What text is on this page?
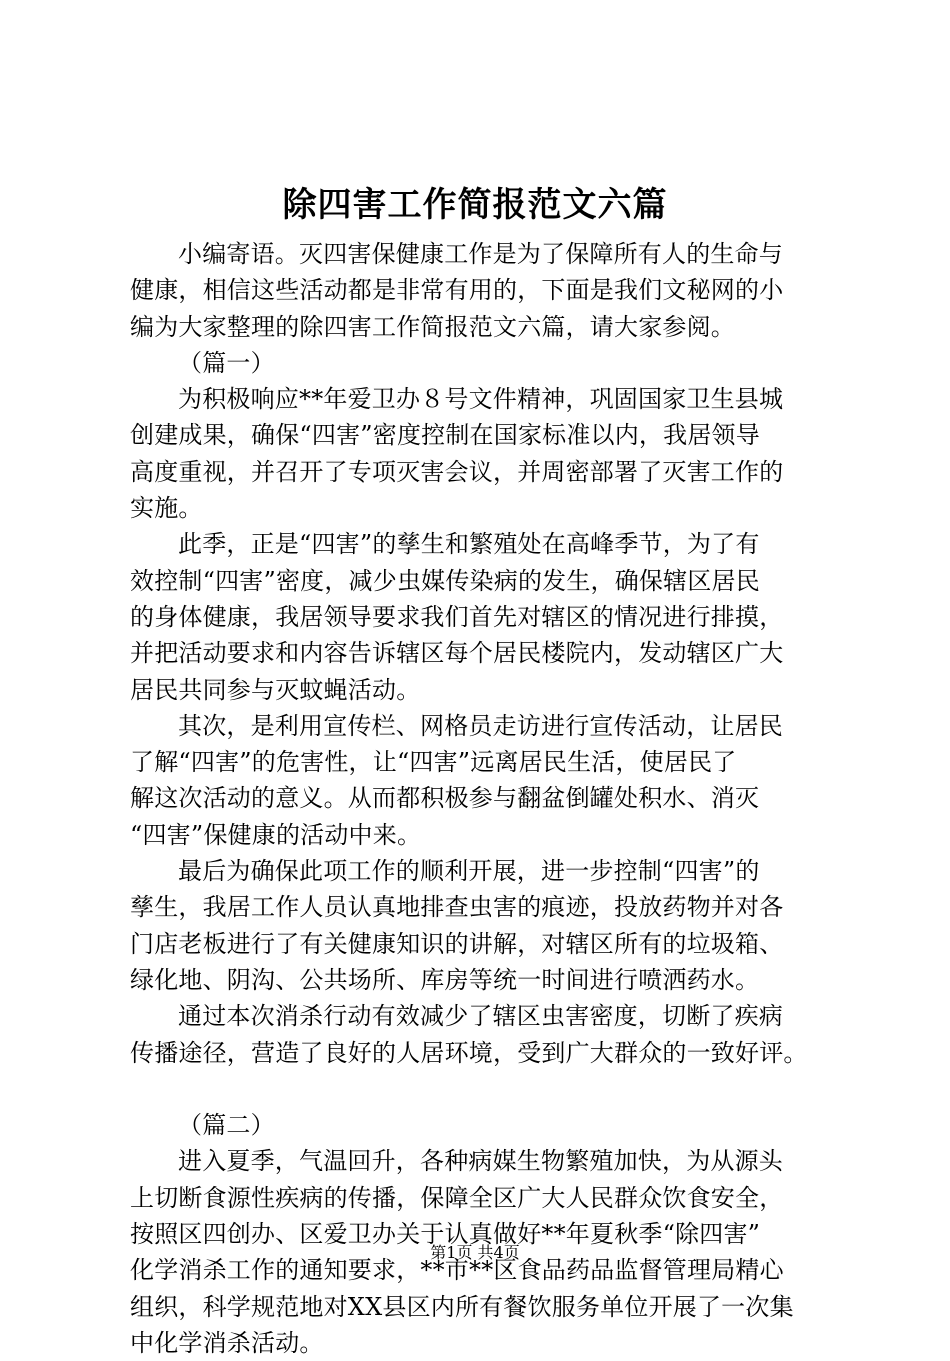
除四害工作简报范文六篇
小编寄语。灭四害保健康工作是为了保障所有人的生命与
健康，相信这些活动都是非常有用的，下面是我们文秘网的小
编为大家整理的除四害工作简报范文六篇，请大家参阅。
（篇一）
为积极响应**年爱卫办８号文件精神，巩固国家卫生县城
创建成果，确保“四害”密度控制在国家标准以内，我居领导
高度重视，并召开了专项灭害会议，并周密部署了灭害工作的
实施。
此季，正是“四害”的孳生和繁殖处在高峰季节，为了有
效控制“四害”密度，减少虫媒传染病的发生，确保辖区居民
的身体健康，我居领导要求我们首先对辖区的情况进行排摸，
并把活动要求和内容告诉辖区每个居民楼院内，发动辖区广大
居民共同参与灭蚊蝇活动。
其次，是利用宣传栏、网格员走访进行宣传活动，让居民
了解“四害”的危害性，让“四害”远离居民生活，使居民了
解这次活动的意义。从而都积极参与翻盆倒罐处积水、消灭
“四害”保健康的活动中来。
最后为确保此项工作的顺利开展，进一步控制“四害”的
孳生，我居工作人员认真地排查虫害的痕迹，投放药物并对各
门店老板进行了有关健康知识的讲解，对辖区所有的垃圾箱、
绿化地、阴沟、公共场所、库房等统一时间进行喷洒药水。
通过本次消杀行动有效减少了辖区虫害密度，切断了疾病
传播途径，营造了良好的人居环境，受到广大群众的一致好评。
（篇二）
进入夏季，气温回升，各种病媒生物繁殖加快，为从源头
上切断食源性疾病的传播，保障全区广大人民群众饮食安全，
按照区四创办、区爱卫办关于认真做好**年夏秋季“除四害”
化学消杀工作的通知要求，**市**区食品药品监督管理局精心
组织，科学规范地对XX县区内所有餐饮服务单位开展了一次集
中化学消杀活动。
第1页 共4页
